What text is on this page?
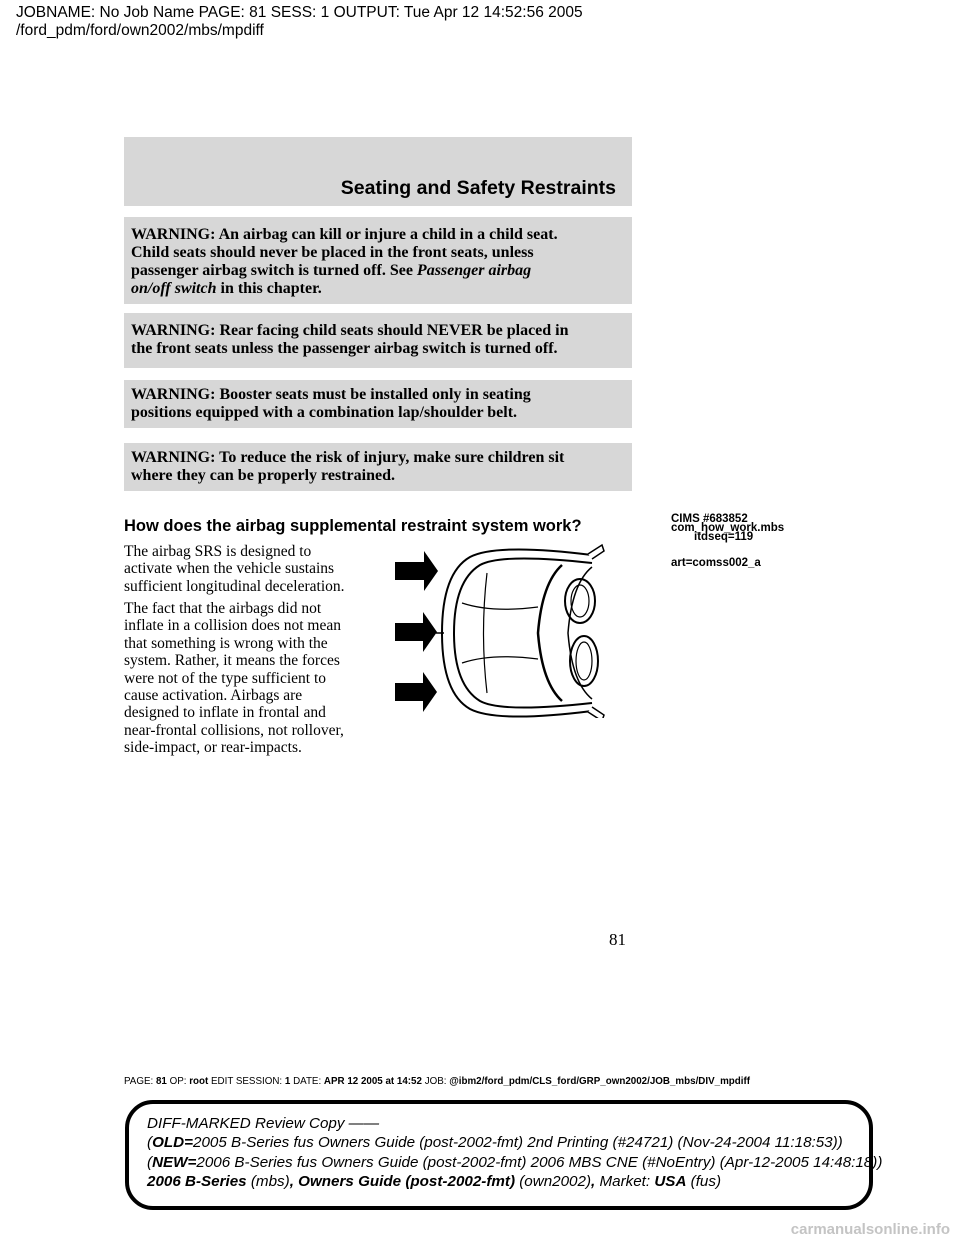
JOBNAME: No Job Name PAGE: 81 SESS: 1 OUTPUT: Tue Apr 12 14:52:56 2005
/ford_pdm/ford/own2002/mbs/mpdiff
Seating and Safety Restraints
WARNING: An airbag can kill or injure a child in a child seat.
Child seats should never be placed in the front seats, unless
passenger airbag switch is turned off. See Passenger airbag
on/off switch in this chapter.
WARNING: Rear facing child seats should NEVER be placed in
the front seats unless the passenger airbag switch is turned off.
WARNING: Booster seats must be installed only in seating
positions equipped with a combination lap/shoulder belt.
WARNING: To reduce the risk of injury, make sure children sit
where they can be properly restrained.
How does the airbag supplemental restraint system work?
The airbag SRS is designed to
activate when the vehicle sustains
sufficient longitudinal deceleration.
The fact that the airbags did not
inflate in a collision does not mean
that something is wrong with the
system. Rather, it means the forces
were not of the type sufficient to
cause activation. Airbags are
designed to inflate in frontal and
near-frontal collisions, not rollover,
side-impact, or rear-impacts.
CIMS #683852
com_how_work.mbs
itdseq=119
art=comss002_a
81
PAGE: 81 OP: root EDIT SESSION: 1 DATE: APR 12 2005 at 14:52 JOB: @ibm2/ford_pdm/CLS_ford/GRP_own2002/JOB_mbs/DIV_mpdiff
DIFF-MARKED Review Copy ——
(OLD=2005 B-Series fus Owners Guide (post-2002-fmt) 2nd Printing (#24721) (Nov-24-2004 11:18:53))
(NEW=2006 B-Series fus Owners Guide (post-2002-fmt) 2006 MBS CNE (#NoEntry) (Apr-12-2005 14:48:18))
2006 B-Series (mbs), Owners Guide (post-2002-fmt) (own2002), Market: USA (fus)
carmanualsonline.info
